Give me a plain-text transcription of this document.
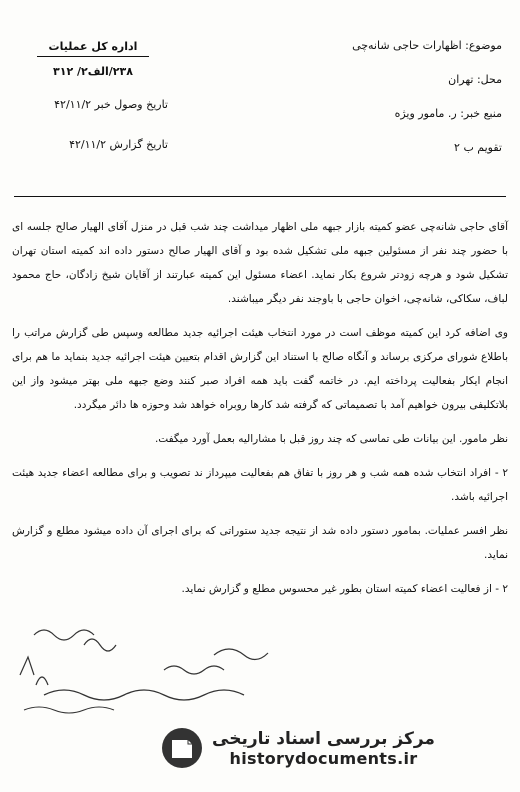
موضوع: اظهارات حاجی شانه‌چی
محل: تهران
منبع خبر: ر. مامور ویژه
تقویم ب ۲
اداره کل عملیات
۲۳۸/الف۲/ ۳۱۲
تاریخ وصول خبر ۴۲/۱۱/۲
تاریخ گزارش ۴۲/۱۱/۲

آقای حاجی شانه‌چی عضو کمیته بازار جبهه ملی اظهار میداشت چند شب قبل در منزل آقای الهیار صالح جلسه ای با حضور چند نفر از مسئولین جبهه ملی تشکیل شده بود و آقای الهیار صالح دستور داده اند کمیته استان تهران تشکیل شود و هرچه زودتر شروع بکار نماید. اعضاء مسئول این کمیته عبارتند از آقایان شیخ زادگان، حاج محمود لباف، سکاکی، شانه‌چی، اخوان حاجی با باوجند نفر دیگر میباشند.

وی اضافه کرد این کمیته موظف است در مورد انتخاب هیئت اجرائیه جدید مطالعه وسپس طی گزارش مراتب را باطلاع شورای مرکزی برساند و آنگاه صالح با استناد این گزارش اقدام بتعیین هیئت اجرائیه جدید بنماید ما هم برای انجام ایکار بفعالیت پرداخته ایم. در خاتمه گفت باید همه افراد صبر کنند وضع جبهه ملی بهتر میشود واز این بلاتکلیفی بیرون خواهیم آمد با تصمیماتی که گرفته شد کارها روبراه خواهد شد وحوزه ها دائر میگردد.

نظر مامور. این بیانات طی تماسی که چند روز قبل با مشارالیه بعمل آورد میگفت.

۲ - افراد انتخاب شده همه شب و هر روز با تفاق هم بفعالیت میپرداز ند تصویب و برای مطالعه اعضاء جدید هیئت اجرائیه باشد.

نظر افسر عملیات. بمامور دستور داده شد از نتیجه جدید ستوراتی که برای اجرای آن داده میشود مطلع و گزارش نماید.

۲ - از فعالیت اعضاء کمیته استان بطور غیر محسوس مطلع و گزارش نماید.

مرکز بررسی اسناد تاریخی
historydocuments.ir
